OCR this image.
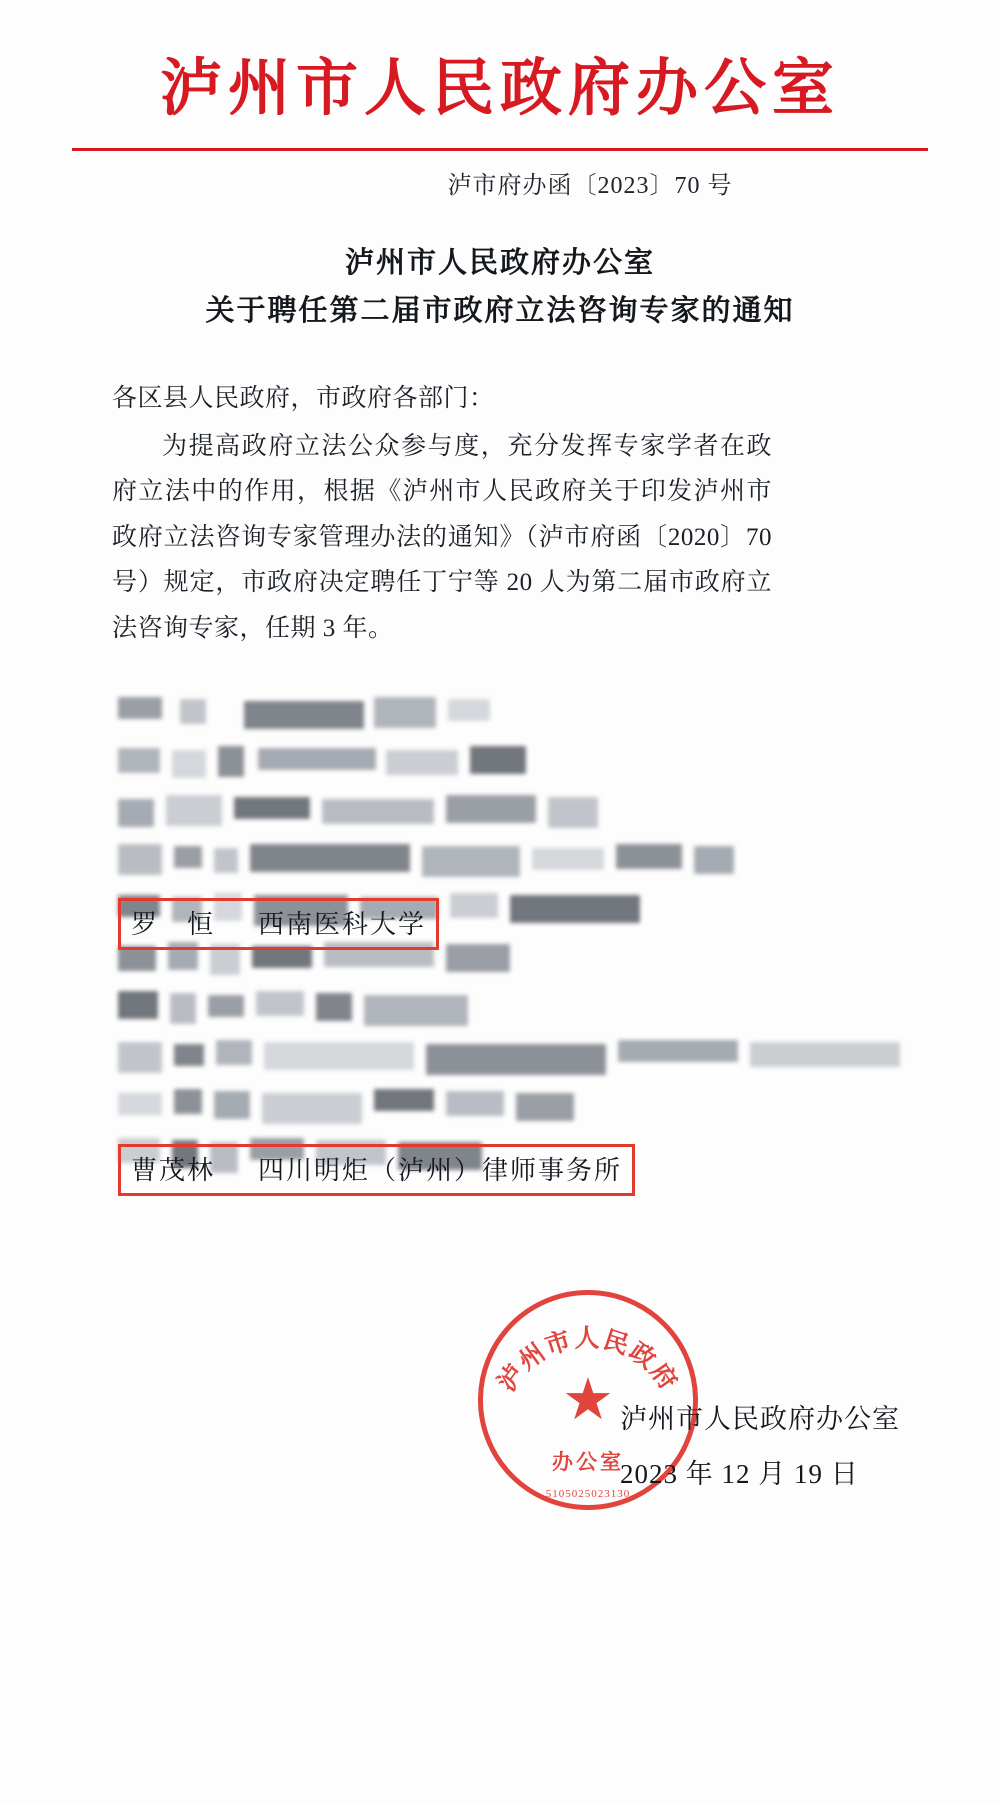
泸州市人民政府办公室
泸市府办函〔2023〕70 号
泸州市人民政府办公室
关于聘任第二届市政府立法咨询专家的通知

各区县人民政府，市政府各部门：

为提高政府立法公众参与度，充分发挥专家学者在政府立法中的作用，根据《泸州市人民政府关于印发泸州市政府立法咨询专家管理办法的通知》（泸市府函〔2020〕70 号）规定，市政府决定聘任丁宁等 20 人为第二届市政府立法咨询专家，任期 3 年。

罗　恒 西南医科大学
曹茂林 四川明炬（泸州）律师事务所
泸州市人民政府
★
办公室
5105025023130
泸州市人民政府办公室
2023 年 12 月 19 日
